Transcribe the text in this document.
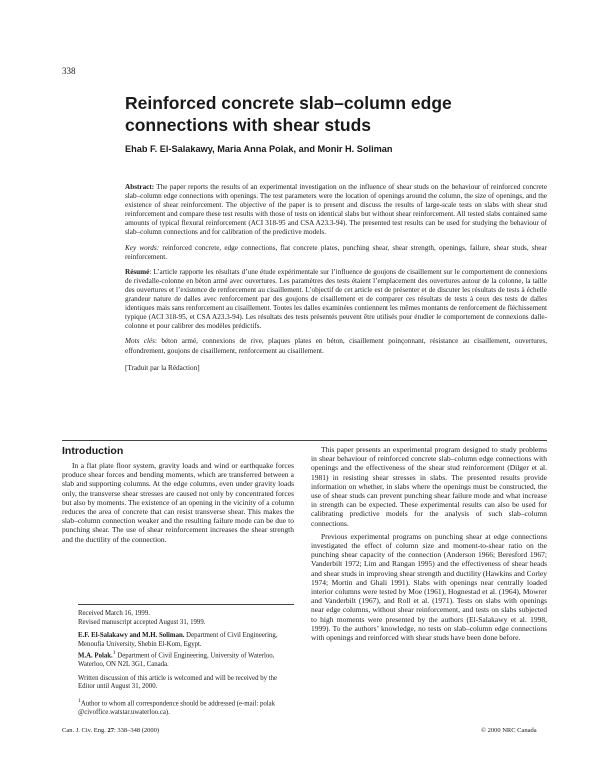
338
Reinforced concrete slab–column edge connections with shear studs
Ehab F. El-Salakawy, Maria Anna Polak, and Monir H. Soliman

Abstract: The paper reports the results of an experimental investigation on the influence of shear studs on the behaviour of reinforced concrete slab–column edge connections with openings. The test parameters were the location of openings around the column, the size of openings, and the existence of shear reinforcement. The objective of the paper is to present and discuss the results of large-scale tests on slabs with shear stud reinforcement and compare these test results with those of tests on identical slabs but without shear reinforcement. All tested slabs contained same amounts of typical flexural reinforcement (ACI 318-95 and CSA A23.3-94). The presented test results can be used for studying the behaviour of slab–column connections and for calibration of the predictive models.

Key words: reinforced concrete, edge connections, flat concrete plates, punching shear, shear strength, openings, failure, shear studs, shear reinforcement.

Résumé: L’article rapporte les résultats d’une étude expérimentale sur l’influence de goujons de cisaillement sur le comportement de connexions de rivedalle-colonne en béton armé avec ouvertures. Les paramètres des tests étaient l’emplacement des ouvertures autour de la colonne, la taille des ouvertures et l’existence de renforcement au cisaillement. L’objectif de cet article est de présenter et de discuter les résultats de tests à échelle grandeur nature de dalles avec renforcement par des goujons de cisaillement et de comparer ces résultats de tests à ceux des tests de dalles identiques mais sans renforcement au cisaillement. Toutes les dalles examinées contiennent les mêmes montants de renforcement de fléchissement typique (ACI 318-95, et CSA A23.3-94). Les résultats des tests présentés peuvent être utilisés pour étudier le comportement de connexions dalle-colonne et pour calibrer des modèles prédictifs.

Mots clés: béton armé, connexions de rive, plaques plates en béton, cisaillement poinçonnant, résistance au cisaillement, ouvertures, effondrement, goujons de cisaillement, renforcement au cisaillement.

[Traduit par la Rédaction]

Introduction

In a flat plate floor system, gravity loads and wind or earthquake forces produce shear forces and bending moments, which are transferred between a slab and supporting columns. At the edge columns, even under gravity loads only, the transverse shear stresses are caused not only by concentrated forces but also by moments. The existence of an opening in the vicinity of a column reduces the area of concrete that can resist transverse shear. This makes the slab–column connection weaker and the resulting failure mode can be due to punching shear. The use of shear reinforcement increases the shear strength and the ductility of the connection.

This paper presents an experimental program designed to study problems in shear behaviour of reinforced concrete slab–column edge connections with openings and the effectiveness of the shear stud reinforcement (Dilger et al. 1981) in resisting shear stresses in slabs. The presented results provide information on whether, in slabs where the openings must be constructed, the use of shear studs can prevent punching shear failure mode and what increase in strength can be expected. These experimental results can also be used for calibrating predictive models for the analysis of such slab–column connections.

Previous experimental programs on punching shear at edge connections investigated the effect of column size and moment-to-shear ratio on the punching shear capacity of the connection (Anderson 1966; Beresford 1967; Vanderbilt 1972; Lim and Rangan 1995) and the effectiveness of shear heads and shear studs in improving shear strength and ductility (Hawkins and Corley 1974; Mortin and Ghali 1991). Slabs with openings near centrally loaded interior columns were tested by Moe (1961), Hognestad et al. (1964), Mowrer and Vanderbilt (1967), and Roll et al. (1971). Tests on slabs with openings near edge columns, without shear reinforcement, and tests on slabs subjected to high moments were presented by the authors (El-Salakawy et al. 1998, 1999). To the authors’ knowledge, no tests on slab–column edge connections with openings and reinforced with shear studs have been done before.

Received March 16, 1999.
Revised manuscript accepted August 31, 1999.

E.F. El-Salakawy and M.H. Soliman. Department of Civil Engineering, Menoufia University, Shebin El-Kom, Egypt.
M.A. Polak.$^1$ Department of Civil Engineering, University of Waterloo, Waterloo, ON N2L 3G1, Canada.

Written discussion of this article is welcomed and will be received by the Editor until August 31, 2000.

$^1$Author to whom all correspondence should be addressed (e-mail: polak @civoffice.watstar.uwaterloo.ca).

Can. J. Civ. Eng. 27: 338–348 (2000)	© 2000 NRC Canada
